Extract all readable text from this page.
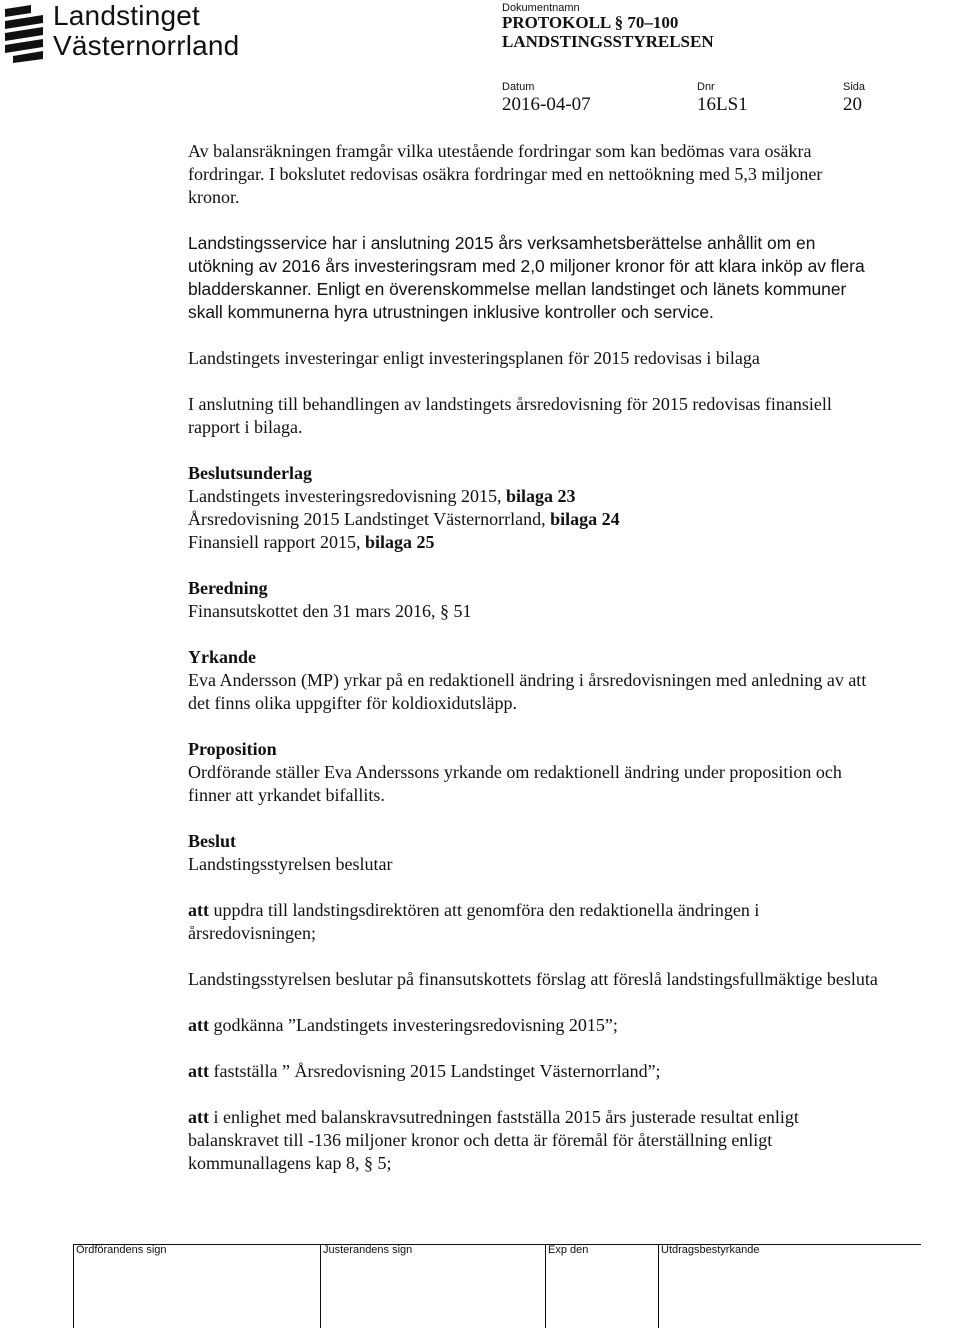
Landstinget
Västernorrland
Dokumentnamn
PROTOKOLL § 70–100
LANDSTINGSSTYRELSEN
Datum
2016-04-07
Dnr
16LS1
Sida
20

Av balansräkningen framgår vilka utestående fordringar som kan bedömas vara osäkra fordringar. I bokslutet redovisas osäkra fordringar med en nettoökning med 5,3 miljoner kronor.

Landstingsservice har i anslutning 2015 års verksamhetsberättelse anhållit om en utökning av 2016 års investeringsram med 2,0 miljoner kronor för att klara inköp av flera bladderskanner. Enligt en överenskommelse mellan landstinget och länets kommuner skall kommunerna hyra utrustningen inklusive kontroller och service.

Landstingets investeringar enligt investeringsplanen för 2015 redovisas i bilaga

I anslutning till behandlingen av landstingets årsredovisning för 2015 redovisas finansiell rapport i bilaga.

Beslutsunderlag

Landstingets investeringsredovisning 2015, bilaga 23

Årsredovisning 2015 Landstinget Västernorrland, bilaga 24

Finansiell rapport 2015, bilaga 25

Beredning

Finansutskottet den 31 mars 2016, § 51

Yrkande

Eva Andersson (MP) yrkar på en redaktionell ändring i årsredovisningen med anledning av att det finns olika uppgifter för koldioxidutsläpp.

Proposition

Ordförande ställer Eva Anderssons yrkande om redaktionell ändring under proposition och finner att yrkandet bifallits.

Beslut

Landstingsstyrelsen beslutar

att uppdra till landstingsdirektören att genomföra den redaktionella ändringen i årsredovisningen;

Landstingsstyrelsen beslutar på finansutskottets förslag att föreslå landstingsfullmäktige besluta

att godkänna ”Landstingets investeringsredovisning 2015”;

att fastställa ” Årsredovisning 2015 Landstinget Västernorrland”;

att i enlighet med balanskravsutredningen fastställa 2015 års justerade resultat enligt balanskravet till -136 miljoner kronor och detta är föremål för återställning enligt kommunallagens kap 8, § 5;

Ordförandens sign	Justerandens sign	Exp den	Utdragsbestyrkande
